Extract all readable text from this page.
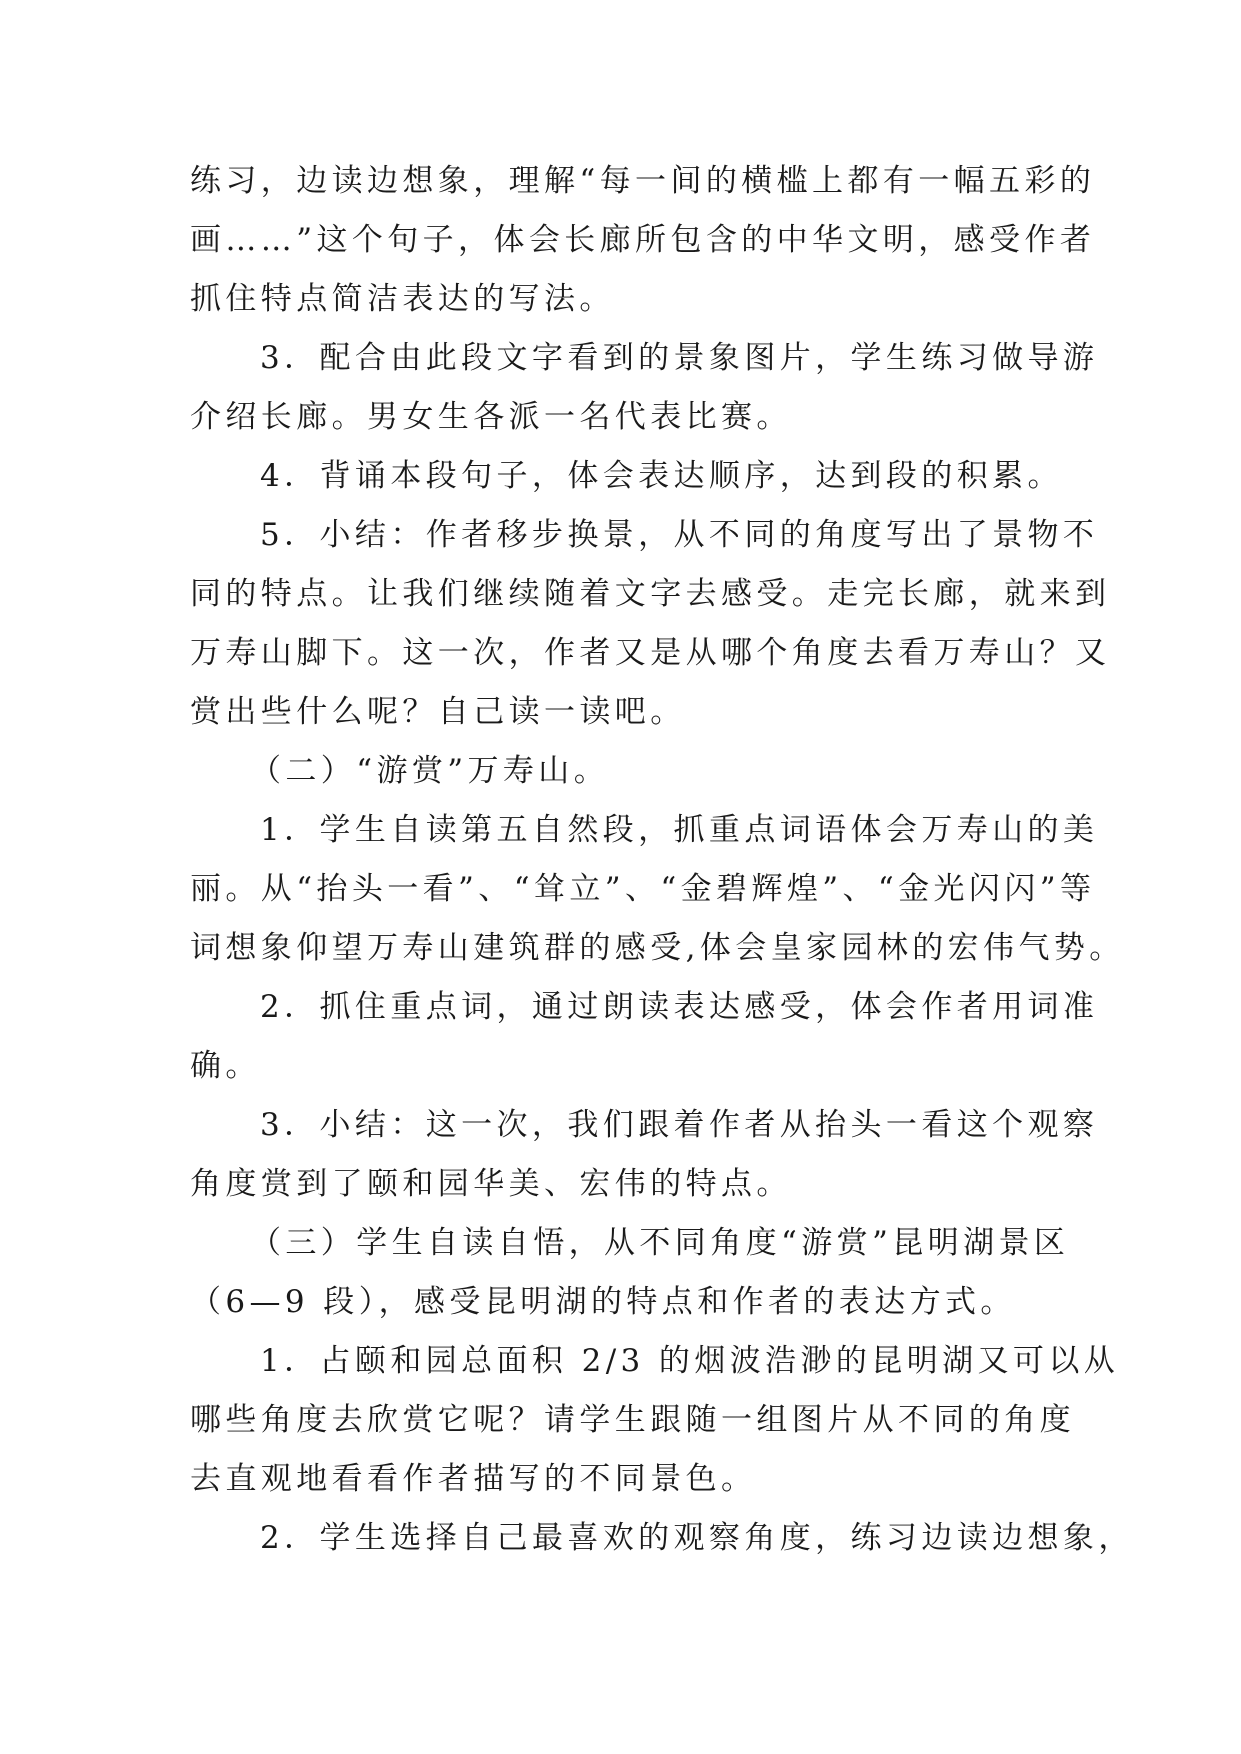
练习，边读边想象，理解“每一间的横槛上都有一幅五彩的
画……”这个句子，体会长廊所包含的中华文明，感受作者
抓住特点简洁表达的写法。
3．配合由此段文字看到的景象图片，学生练习做导游
介绍长廊。男女生各派一名代表比赛。
4．背诵本段句子，体会表达顺序，达到段的积累。
5．小结：作者移步换景，从不同的角度写出了景物不
同的特点。让我们继续随着文字去感受。走完长廊，就来到
万寿山脚下。这一次，作者又是从哪个角度去看万寿山？又
赏出些什么呢？自己读一读吧。
（二）“游赏”万寿山。
1．学生自读第五自然段，抓重点词语体会万寿山的美
丽。从“抬头一看”、“耸立”、“金碧辉煌”、“金光闪闪”等
词想象仰望万寿山建筑群的感受,体会皇家园林的宏伟气势。
2．抓住重点词，通过朗读表达感受，体会作者用词准
确。
3．小结：这一次，我们跟着作者从抬头一看这个观察
角度赏到了颐和园华美、宏伟的特点。
（三）学生自读自悟，从不同角度“游赏”昆明湖景区
（6—9 段），感受昆明湖的特点和作者的表达方式。
1．占颐和园总面积 2/3 的烟波浩渺的昆明湖又可以从
哪些角度去欣赏它呢？请学生跟随一组图片从不同的角度
去直观地看看作者描写的不同景色。
2．学生选择自己最喜欢的观察角度，练习边读边想象，
